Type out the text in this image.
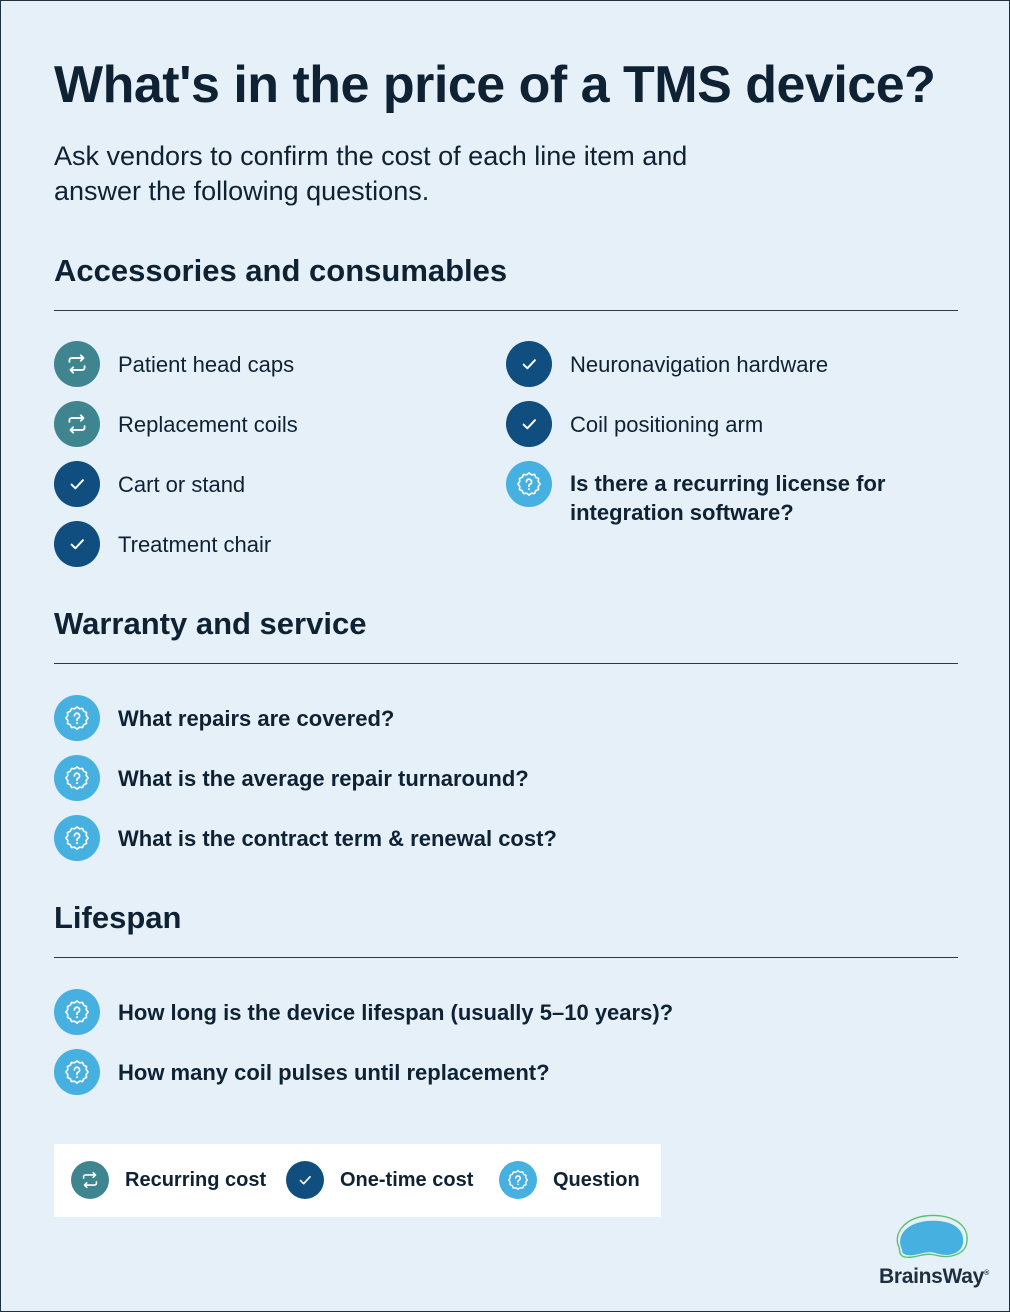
What's in the price of a TMS device?

Ask vendors to confirm the cost of each line item and answer the following questions.

Accessories and consumables
Patient head caps
Replacement coils
Cart or stand
Treatment chair
Neuronavigation hardware
Coil positioning arm
Is there a recurring license for integration software?
Warranty and service
What repairs are covered?
What is the average repair turnaround?
What is the contract term & renewal cost?
Lifespan
How long is the device lifespan (usually 5–10 years)?
How many coil pulses until replacement?
Recurring cost	One-time cost	Question
BrainsWay®
